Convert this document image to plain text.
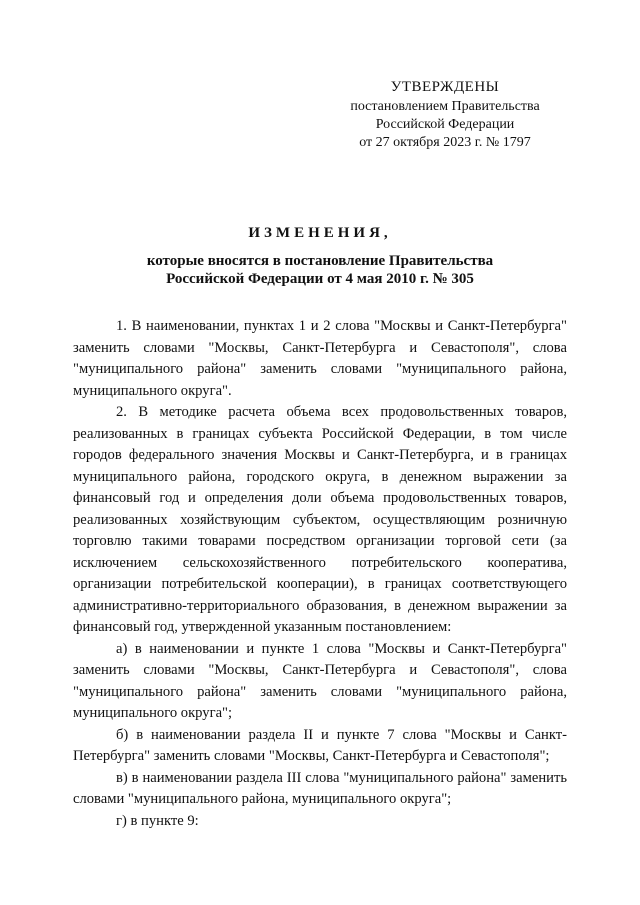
УТВЕРЖДЕНЫ
постановлением Правительства
Российской Федерации
от 27 октября 2023 г. № 1797
ИЗМЕНЕНИЯ,
которые вносятся в постановление Правительства
Российской Федерации от 4 мая 2010 г. № 305

1. В наименовании, пунктах 1 и 2 слова "Москвы и Санкт-Петербурга" заменить словами "Москвы, Санкт-Петербурга и Севастополя", слова "муниципального района" заменить словами "муниципального района, муниципального округа".

2. В методике расчета объема всех продовольственных товаров, реализованных в границах субъекта Российской Федерации, в том числе городов федерального значения Москвы и Санкт-Петербурга, и в границах муниципального района, городского округа, в денежном выражении за финансовый год и определения доли объема продовольственных товаров, реализованных хозяйствующим субъектом, осуществляющим розничную торговлю такими товарами посредством организации торговой сети (за исключением сельскохозяйственного потребительского кооператива, организации потребительской кооперации), в границах соответствующего административно-территориального образования, в денежном выражении за финансовый год, утвержденной указанным постановлением:

а) в наименовании и пункте 1 слова "Москвы и Санкт-Петербурга" заменить словами "Москвы, Санкт-Петербурга и Севастополя", слова "муниципального района" заменить словами "муниципального района, муниципального округа";

б) в наименовании раздела II и пункте 7 слова "Москвы и Санкт-Петербурга" заменить словами "Москвы, Санкт-Петербурга и Севастополя";

в) в наименовании раздела III слова "муниципального района" заменить словами "муниципального района, муниципального округа";

г) в пункте 9:
